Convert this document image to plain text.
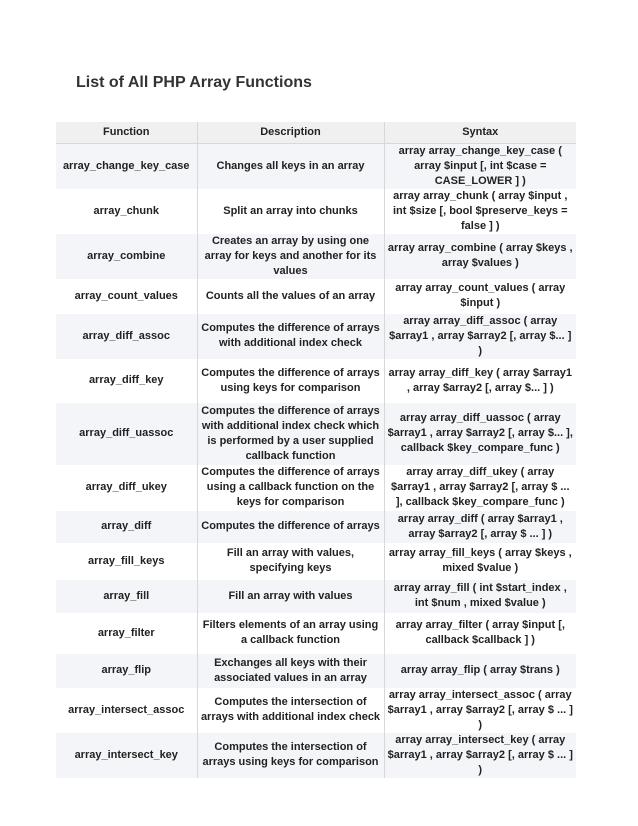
List of All PHP Array Functions
Function	Description	Syntax
array_change_key_case	Changes all keys in an array	array array_change_key_case ( array $input [, int $case = CASE_LOWER ] )
array_chunk	Split an array into chunks	array array_chunk ( array $input , int $size [, bool $preserve_keys = false ] )
array_combine	Creates an array by using one array for keys and another for its values	array array_combine ( array $keys , array $values )
array_count_values	Counts all the values of an array	array array_count_values ( array $input )
array_diff_assoc	Computes the difference of arrays with additional index check	array array_diff_assoc ( array $array1 , array $array2 [, array $... ] )
array_diff_key	Computes the difference of arrays using keys for comparison	array array_diff_key ( array $array1 , array $array2 [, array $... ] )
array_diff_uassoc	Computes the difference of arrays with additional index check which is performed by a user supplied callback function	array array_diff_uassoc ( array $array1 , array $array2 [, array $... ], callback $key_compare_func )
array_diff_ukey	Computes the difference of arrays using a callback function on the keys for comparison	array array_diff_ukey ( array $array1 , array $array2 [, array $ ... ], callback $key_compare_func )
array_diff	Computes the difference of arrays	array array_diff ( array $array1 , array $array2 [, array $ ... ] )
array_fill_keys	Fill an array with values, specifying keys	array array_fill_keys ( array $keys , mixed $value )
array_fill	Fill an array with values	array array_fill ( int $start_index , int $num , mixed $value )
array_filter	Filters elements of an array using a callback function	array array_filter ( array $input [, callback $callback ] )
array_flip	Exchanges all keys with their associated values in an array	array array_flip ( array $trans )
array_intersect_assoc	Computes the intersection of arrays with additional index check	array array_intersect_assoc ( array $array1 , array $array2 [, array $ ... ] )
array_intersect_key	Computes the intersection of arrays using keys for comparison	array array_intersect_key ( array $array1 , array $array2 [, array $ ... ] )
